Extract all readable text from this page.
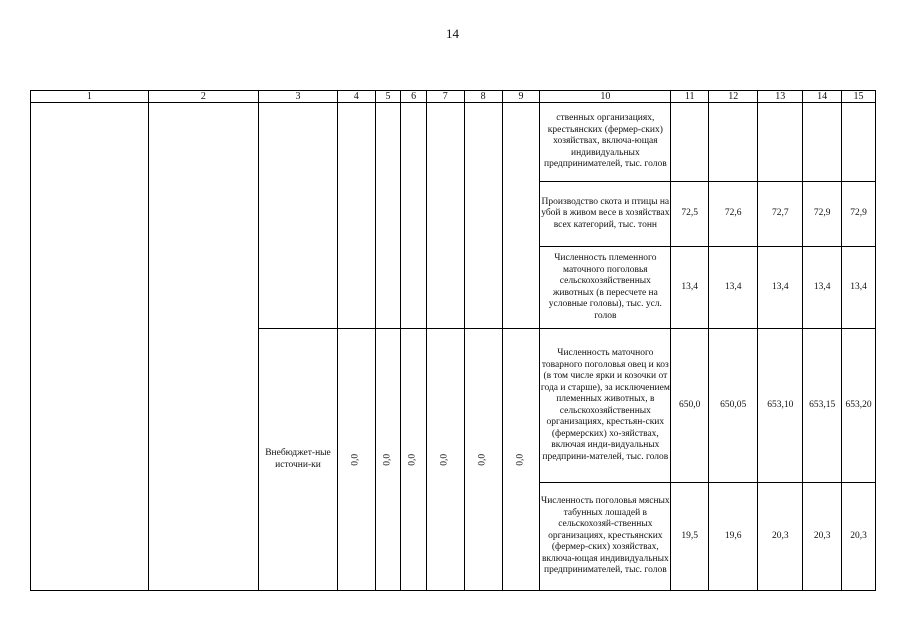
14
1	2	3	4	5	6	7	8	9	10	11	12	13	14	15
									ственных организациях, крестьянских (фермер-ских) хозяйствах, включа-ющая индивидуальных предпринимателей, тыс. голов					
									Производство скота и птицы на убой в живом весе в хозяйствах всех категорий, тыс. тонн	72,5	72,6	72,7	72,9	72,9
									Численность племенного маточного поголовья сельскохозяйственных животных (в пересчете на условные головы), тыс. усл. голов	13,4	13,4	13,4	13,4	13,4
		Внебюджет-ные источни-ки	0,0	0,0	0,0	0,0	0,0	0,0	Численность маточного товарного поголовья овец и коз (в том числе ярки и козочки от года и старше), за исключением племенных животных, в сельскохозяйственных организациях, крестьян-ских (фермерских) хо-зяйствах, включая инди-видуальных предприни-мателей, тыс. голов	650,0	650,05	653,10	653,15	653,20
									Численность поголовья мясных табунных лошадей в сельскохозяй-ственных организациях, крестьянских (фермер-ских) хозяйствах, включа-ющая индивидуальных предпринимателей, тыс. голов	19,5	19,6	20,3	20,3	20,3
